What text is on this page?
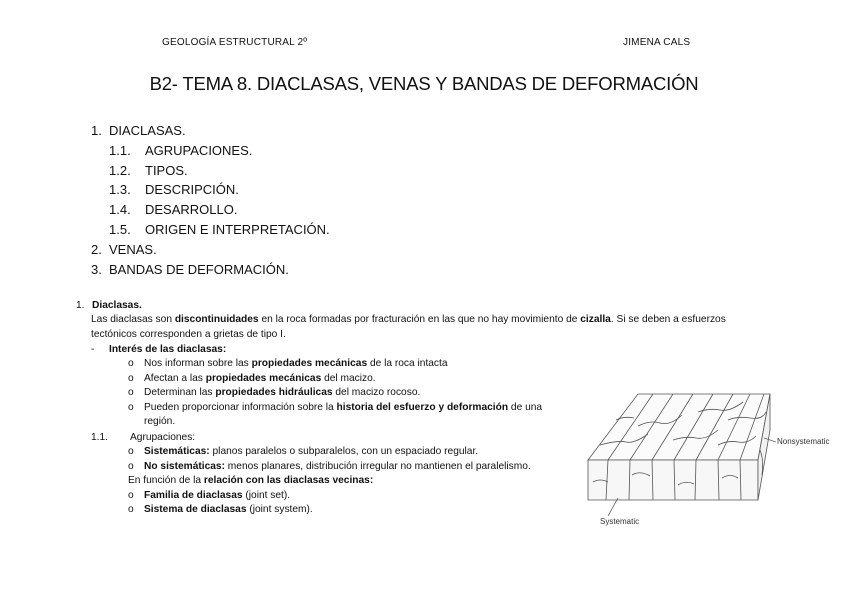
GEOLOGÍA ESTRUCTURAL 2º	JIMENA CALS
B2- TEMA 8. DIACLASAS, VENAS Y BANDAS DE DEFORMACIÓN
1. DIACLASAS.
1.1. AGRUPACIONES.
1.2. TIPOS.
1.3. DESCRIPCIÓN.
1.4. DESARROLLO.
1.5. ORIGEN E INTERPRETACIÓN.
2. VENAS.
3. BANDAS DE DEFORMACIÓN.
1. Diaclasas.
Las diaclasas son discontinuidades en la roca formadas por fracturación en las que no hay movimiento de cizalla. Si se deben a esfuerzos
tectónicos corresponden a grietas de tipo I.
- Interés de las diaclasas:
o Nos informan sobre las propiedades mecánicas de la roca intacta
o Afectan a las propiedades mecánicas del macizo.
o Determinan las propiedades hidráulicas del macizo rocoso.
o Pueden proporcionar información sobre la historia del esfuerzo y deformación de una
región.
1.1. Agrupaciones:
o Sistemáticas: planos paralelos o subparalelos, con un espaciado regular.
o No sistemáticas: menos planares, distribución irregular no mantienen el paralelismo.
En función de la relación con las diaclasas vecinas:
o Familia de diaclasas (joint set).
o Sistema de diaclasas (joint system).
Nonsystematic
Systematic
